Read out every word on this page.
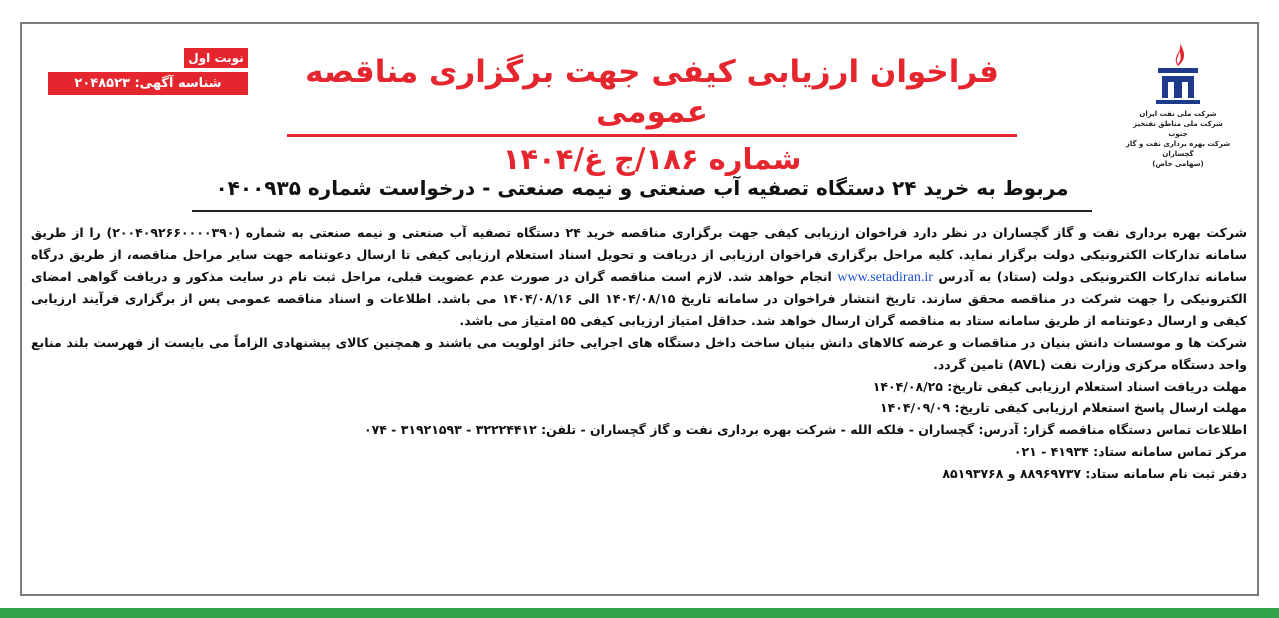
شرکت ملی نفت ایران
شرکت ملی مناطق نفتخیز جنوب
شرکت بهره برداری نفت و گاز گچساران
(سهامی خاص)
نوبت اول
شناسه آگهی: ۲۰۴۸۵۲۳	فراخوان ارزیابی کیفی جهت برگزاری مناقصه عمومی
شماره ۱۸۶/ج غ/۱۴۰۴
مربوط به خرید ۲۴ دستگاه تصفیه آب صنعتی و نیمه صنعتی - درخواست شماره ۰۴۰۰۹۳۵

شرکت بهره برداری نفت و گاز گچساران در نظر دارد فراخوان ارزیابی کیفی جهت برگزاری مناقصه خرید ۲۴ دستگاه تصفیه آب صنعتی و نیمه صنعتی به شماره (۲۰۰۴۰۹۲۶۶۰۰۰۰۳۹۰) را از طریق سامانه تدارکات الکترونیکی دولت برگزار نماید. کلیه مراحل برگزاری فراخوان ارزیابی از دریافت و تحویل اسناد استعلام ارزیابی کیفی تا ارسال دعوتنامه جهت سایر مراحل مناقصه، از طریق درگاه سامانه تدارکات الکترونیکی دولت (ستاد) به آدرس www.setadiran.ir انجام خواهد شد. لازم است مناقصه گران در صورت عدم عضویت قبلی، مراحل ثبت نام در سایت مذکور و دریافت گواهی امضای الکترونیکی را جهت شرکت در مناقصه محقق سازند. تاریخ انتشار فراخوان در سامانه تاریخ ۱۴۰۴/۰۸/۱۵ الی ۱۴۰۴/۰۸/۱۶ می باشد. اطلاعات و اسناد مناقصه عمومی پس از برگزاری فرآیند ارزیابی کیفی و ارسال دعوتنامه از طریق سامانه ستاد به مناقصه گران ارسال خواهد شد. حداقل امتیاز ارزیابی کیفی ۵۵ امتیاز می باشد.

شرکت ها و موسسات دانش بنیان در مناقصات و عرضه کالاهای دانش بنیان ساخت داخل دستگاه های اجرایی حائز اولویت می باشند و همچنین کالای پیشنهادی الزاماً می بایست از فهرست بلند منابع واحد دستگاه مرکزی وزارت نفت (AVL) تامین گردد.

مهلت دریافت اسناد استعلام ارزیابی کیفی تاریخ: ۱۴۰۴/۰۸/۲۵
مهلت ارسال پاسخ استعلام ارزیابی کیفی تاریخ: ۱۴۰۴/۰۹/۰۹
اطلاعات تماس دستگاه مناقصه گزار: آدرس: گچساران - فلکه الله - شرکت بهره برداری نفت و گاز گچساران - تلفن: ۳۲۲۲۴۴۱۲ - ۳۱۹۲۱۵۹۳ - ۰۷۴
مرکز تماس سامانه ستاد: ۴۱۹۳۴ - ۰۲۱
دفتر ثبت نام سامانه ستاد: ۸۸۹۶۹۷۳۷ و ۸۵۱۹۳۷۶۸
